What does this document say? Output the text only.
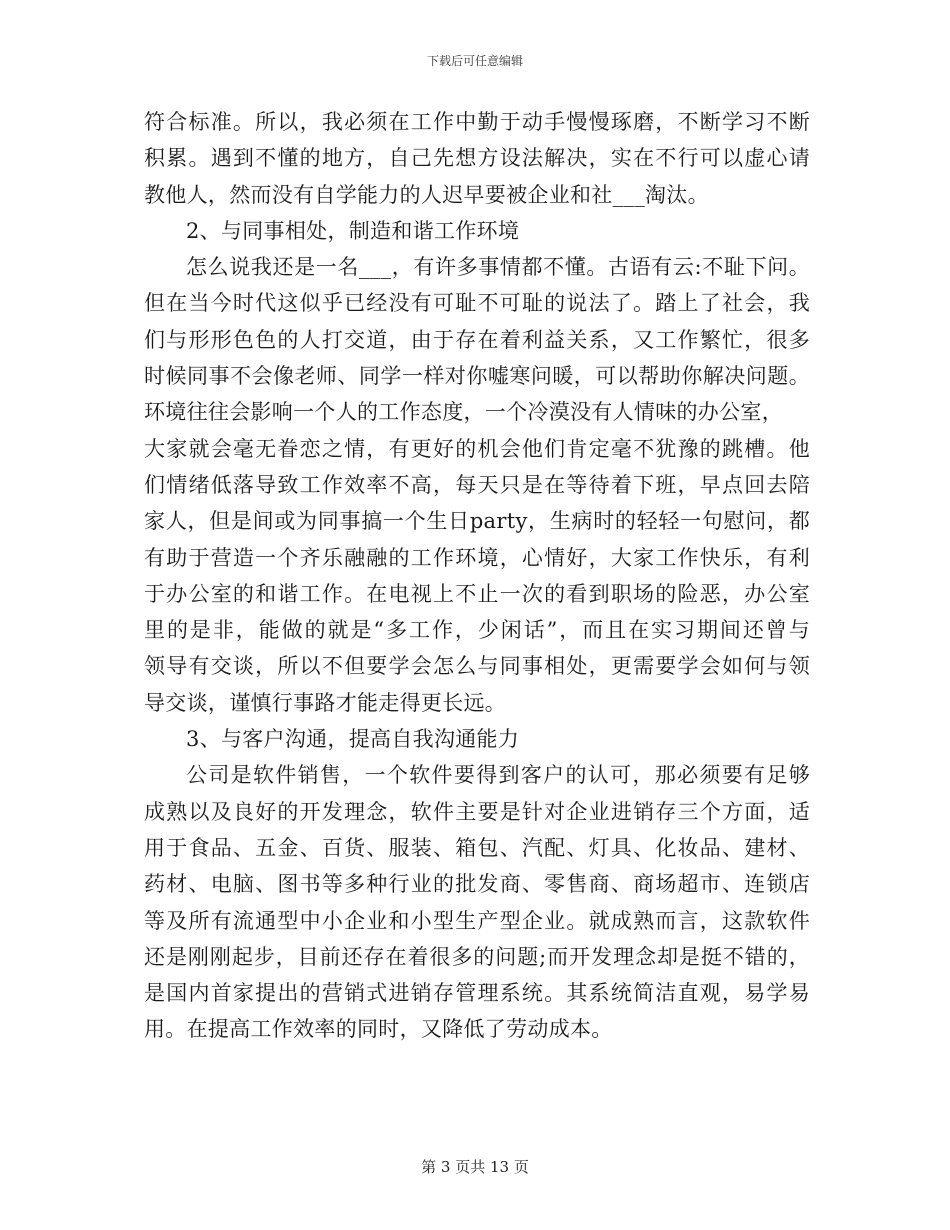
下载后可任意编辑
符合标准。所以，我必须在工作中勤于动手慢慢琢磨，不断学习不断
积累。遇到不懂的地方，自己先想方设法解决，实在不行可以虚心请
教他人，然而没有自学能力的人迟早要被企业和社___淘汰。
2、与同事相处，制造和谐工作环境
怎么说我还是一名___，有许多事情都不懂。古语有云:不耻下问。
但在当今时代这似乎已经没有可耻不可耻的说法了。踏上了社会，我
们与形形色色的人打交道，由于存在着利益关系，又工作繁忙，很多
时候同事不会像老师、同学一样对你嘘寒问暖，可以帮助你解决问题。
环境往往会影响一个人的工作态度，一个冷漠没有人情味的办公室，
大家就会毫无眷恋之情，有更好的机会他们肯定毫不犹豫的跳槽。他
们情绪低落导致工作效率不高，每天只是在等待着下班，早点回去陪
家人，但是间或为同事搞一个生日party，生病时的轻轻一句慰问，都
有助于营造一个齐乐融融的工作环境，心情好，大家工作快乐，有利
于办公室的和谐工作。在电视上不止一次的看到职场的险恶，办公室
里的是非，能做的就是“多工作，少闲话”，而且在实习期间还曾与
领导有交谈，所以不但要学会怎么与同事相处，更需要学会如何与领
导交谈，谨慎行事路才能走得更长远。
3、与客户沟通，提高自我沟通能力
公司是软件销售，一个软件要得到客户的认可，那必须要有足够
成熟以及良好的开发理念，软件主要是针对企业进销存三个方面，适
用于食品、五金、百货、服装、箱包、汽配、灯具、化妆品、建材、
药材、电脑、图书等多种行业的批发商、零售商、商场超市、连锁店
等及所有流通型中小企业和小型生产型企业。就成熟而言，这款软件
还是刚刚起步，目前还存在着很多的问题;而开发理念却是挺不错的，
是国内首家提出的营销式进销存管理系统。其系统简洁直观，易学易
用。在提高工作效率的同时，又降低了劳动成本。
第 3 页共 13 页
